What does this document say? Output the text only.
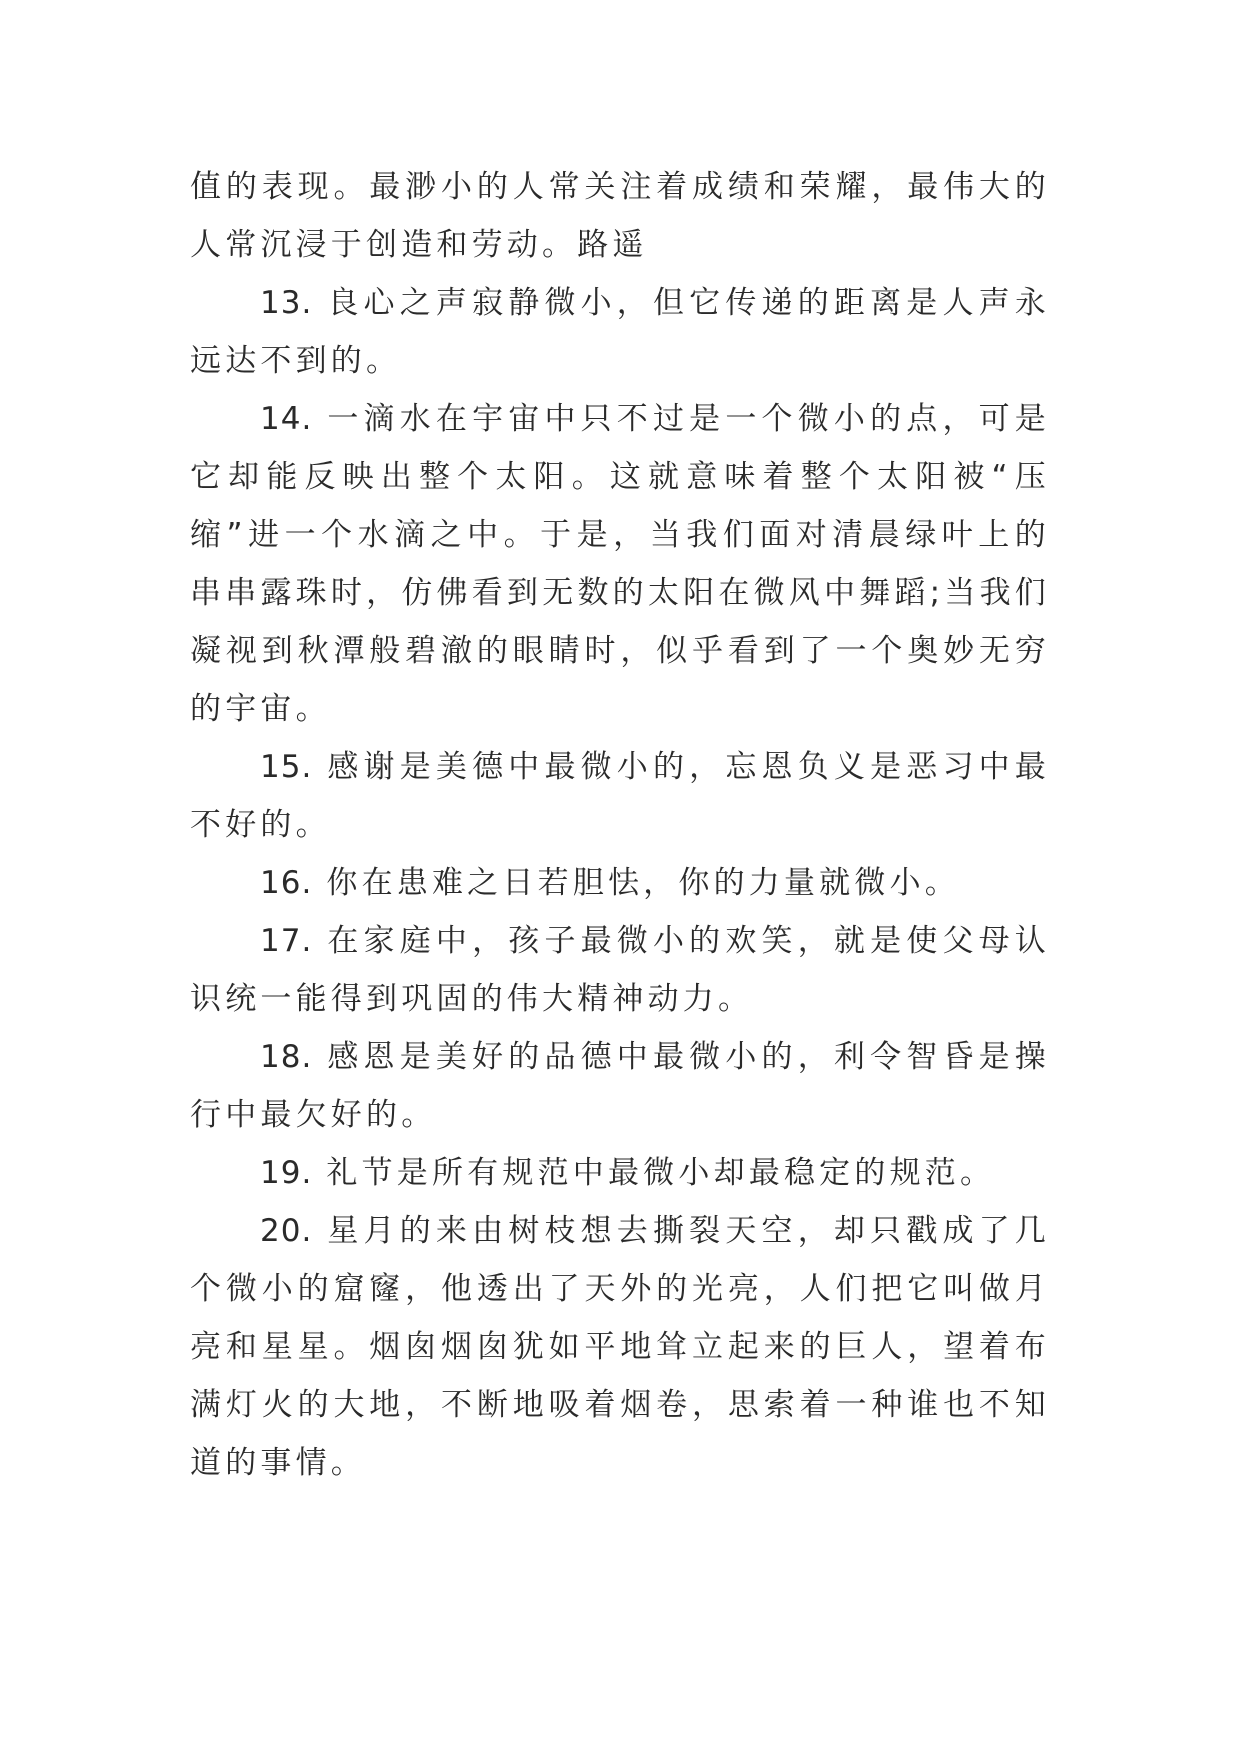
值的表现。最渺小的人常关注着成绩和荣耀，最伟大的人常沉浸于创造和劳动。路遥

13. 良心之声寂静微小，但它传递的距离是人声永远达不到的。

14. 一滴水在宇宙中只不过是一个微小的点，可是它却能反映出整个太阳。这就意味着整个太阳被“压缩”进一个水滴之中。于是，当我们面对清晨绿叶上的串串露珠时，仿佛看到无数的太阳在微风中舞蹈;当我们凝视到秋潭般碧澈的眼睛时，似乎看到了一个奥妙无穷的宇宙。

15. 感谢是美德中最微小的，忘恩负义是恶习中最不好的。

16. 你在患难之日若胆怯，你的力量就微小。

17. 在家庭中，孩子最微小的欢笑，就是使父母认识统一能得到巩固的伟大精神动力。

18. 感恩是美好的品德中最微小的，利令智昏是操行中最欠好的。

19. 礼节是所有规范中最微小却最稳定的规范。

20. 星月的来由树枝想去撕裂天空，却只戳成了几个微小的窟窿，他透出了天外的光亮，人们把它叫做月亮和星星。烟囱烟囱犹如平地耸立起来的巨人，望着布满灯火的大地，不断地吸着烟卷，思索着一种谁也不知道的事情。
